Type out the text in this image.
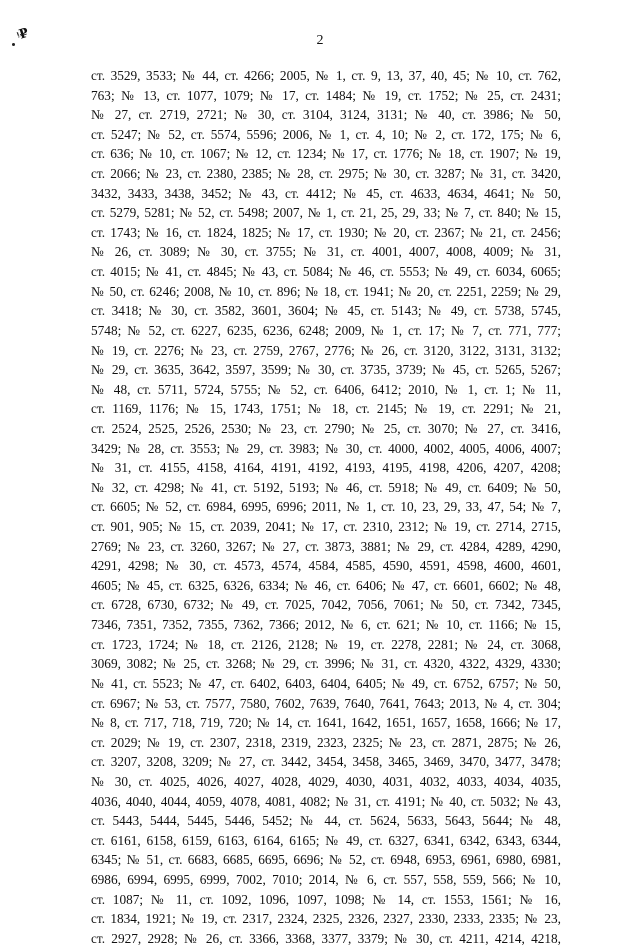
ᵎ₽	2
ст. 3529, 3533; № 44, ст. 4266; 2005, № 1, ст. 9, 13, 37, 40, 45; № 10, ст. 762,
763; № 13, ст. 1077, 1079; № 17, ст. 1484; № 19, ст. 1752; № 25, ст. 2431;
№ 27, ст. 2719, 2721; № 30, ст. 3104, 3124, 3131; № 40, ст. 3986; № 50,
ст. 5247; № 52, ст. 5574, 5596; 2006, № 1, ст. 4, 10; № 2, ст. 172, 175; № 6,
ст. 636; № 10, ст. 1067; № 12, ст. 1234; № 17, ст. 1776; № 18, ст. 1907; № 19,
ст. 2066; № 23, ст. 2380, 2385; № 28, ст. 2975; № 30, ст. 3287; № 31, ст. 3420,
3432, 3433, 3438, 3452; № 43, ст. 4412; № 45, ст. 4633, 4634, 4641; № 50,
ст. 5279, 5281; № 52, ст. 5498; 2007, № 1, ст. 21, 25, 29, 33; № 7, ст. 840; № 15,
ст. 1743; № 16, ст. 1824, 1825; № 17, ст. 1930; № 20, ст. 2367; № 21, ст. 2456;
№ 26, ст. 3089; № 30, ст. 3755; № 31, ст. 4001, 4007, 4008, 4009; № 31,
ст. 4015; № 41, ст. 4845; № 43, ст. 5084; № 46, ст. 5553; № 49, ст. 6034, 6065;
№ 50, ст. 6246; 2008, № 10, ст. 896; № 18, ст. 1941; № 20, ст. 2251, 2259; № 29,
ст. 3418; № 30, ст. 3582, 3601, 3604; № 45, ст. 5143; № 49, ст. 5738, 5745,
5748; № 52, ст. 6227, 6235, 6236, 6248; 2009, № 1, ст. 17; № 7, ст. 771, 777;
№ 19, ст. 2276; № 23, ст. 2759, 2767, 2776; № 26, ст. 3120, 3122, 3131, 3132;
№ 29, ст. 3635, 3642, 3597, 3599; № 30, ст. 3735, 3739; № 45, ст. 5265, 5267;
№ 48, ст. 5711, 5724, 5755; № 52, ст. 6406, 6412; 2010, № 1, ст. 1; № 11,
ст. 1169, 1176; № 15, 1743, 1751; № 18, ст. 2145; № 19, ст. 2291; № 21,
ст. 2524, 2525, 2526, 2530; № 23, ст. 2790; № 25, ст. 3070; № 27, ст. 3416,
3429; № 28, ст. 3553; № 29, ст. 3983; № 30, ст. 4000, 4002, 4005, 4006, 4007;
№ 31, ст. 4155, 4158, 4164, 4191, 4192, 4193, 4195, 4198, 4206, 4207, 4208;
№ 32, ст. 4298; № 41, ст. 5192, 5193; № 46, ст. 5918; № 49, ст. 6409; № 50,
ст. 6605; № 52, ст. 6984, 6995, 6996; 2011, № 1, ст. 10, 23, 29, 33, 47, 54; № 7,
ст. 901, 905; № 15, ст. 2039, 2041; № 17, ст. 2310, 2312; № 19, ст. 2714, 2715,
2769; № 23, ст. 3260, 3267; № 27, ст. 3873, 3881; № 29, ст. 4284, 4289, 4290,
4291, 4298; № 30, ст. 4573, 4574, 4584, 4585, 4590, 4591, 4598, 4600, 4601,
4605; № 45, ст. 6325, 6326, 6334; № 46, ст. 6406; № 47, ст. 6601, 6602; № 48,
ст. 6728, 6730, 6732; № 49, ст. 7025, 7042, 7056, 7061; № 50, ст. 7342, 7345,
7346, 7351, 7352, 7355, 7362, 7366; 2012, № 6, ст. 621; № 10, ст. 1166; № 15,
ст. 1723, 1724; № 18, ст. 2126, 2128; № 19, ст. 2278, 2281; № 24, ст. 3068,
3069, 3082; № 25, ст. 3268; № 29, ст. 3996; № 31, ст. 4320, 4322, 4329, 4330;
№ 41, ст. 5523; № 47, ст. 6402, 6403, 6404, 6405; № 49, ст. 6752, 6757; № 50,
ст. 6967; № 53, ст. 7577, 7580, 7602, 7639, 7640, 7641, 7643; 2013, № 4, ст. 304;
№ 8, ст. 717, 718, 719, 720; № 14, ст. 1641, 1642, 1651, 1657, 1658, 1666; № 17,
ст. 2029; № 19, ст. 2307, 2318, 2319, 2323, 2325; № 23, ст. 2871, 2875; № 26,
ст. 3207, 3208, 3209; № 27, ст. 3442, 3454, 3458, 3465, 3469, 3470, 3477, 3478;
№ 30, ст. 4025, 4026, 4027, 4028, 4029, 4030, 4031, 4032, 4033, 4034, 4035,
4036, 4040, 4044, 4059, 4078, 4081, 4082; № 31, ст. 4191; № 40, ст. 5032; № 43,
ст. 5443, 5444, 5445, 5446, 5452; № 44, ст. 5624, 5633, 5643, 5644; № 48,
ст. 6161, 6158, 6159, 6163, 6164, 6165; № 49, ст. 6327, 6341, 6342, 6343, 6344,
6345; № 51, ст. 6683, 6685, 6695, 6696; № 52, ст. 6948, 6953, 6961, 6980, 6981,
6986, 6994, 6995, 6999, 7002, 7010; 2014, № 6, ст. 557, 558, 559, 566; № 10,
ст. 1087; № 11, ст. 1092, 1096, 1097, 1098; № 14, ст. 1553, 1561; № 16,
ст. 1834, 1921; № 19, ст. 2317, 2324, 2325, 2326, 2327, 2330, 2333, 2335; № 23,
ст. 2927, 2928; № 26, ст. 3366, 3368, 3377, 3379; № 30, ст. 4211, 4214, 4218,
